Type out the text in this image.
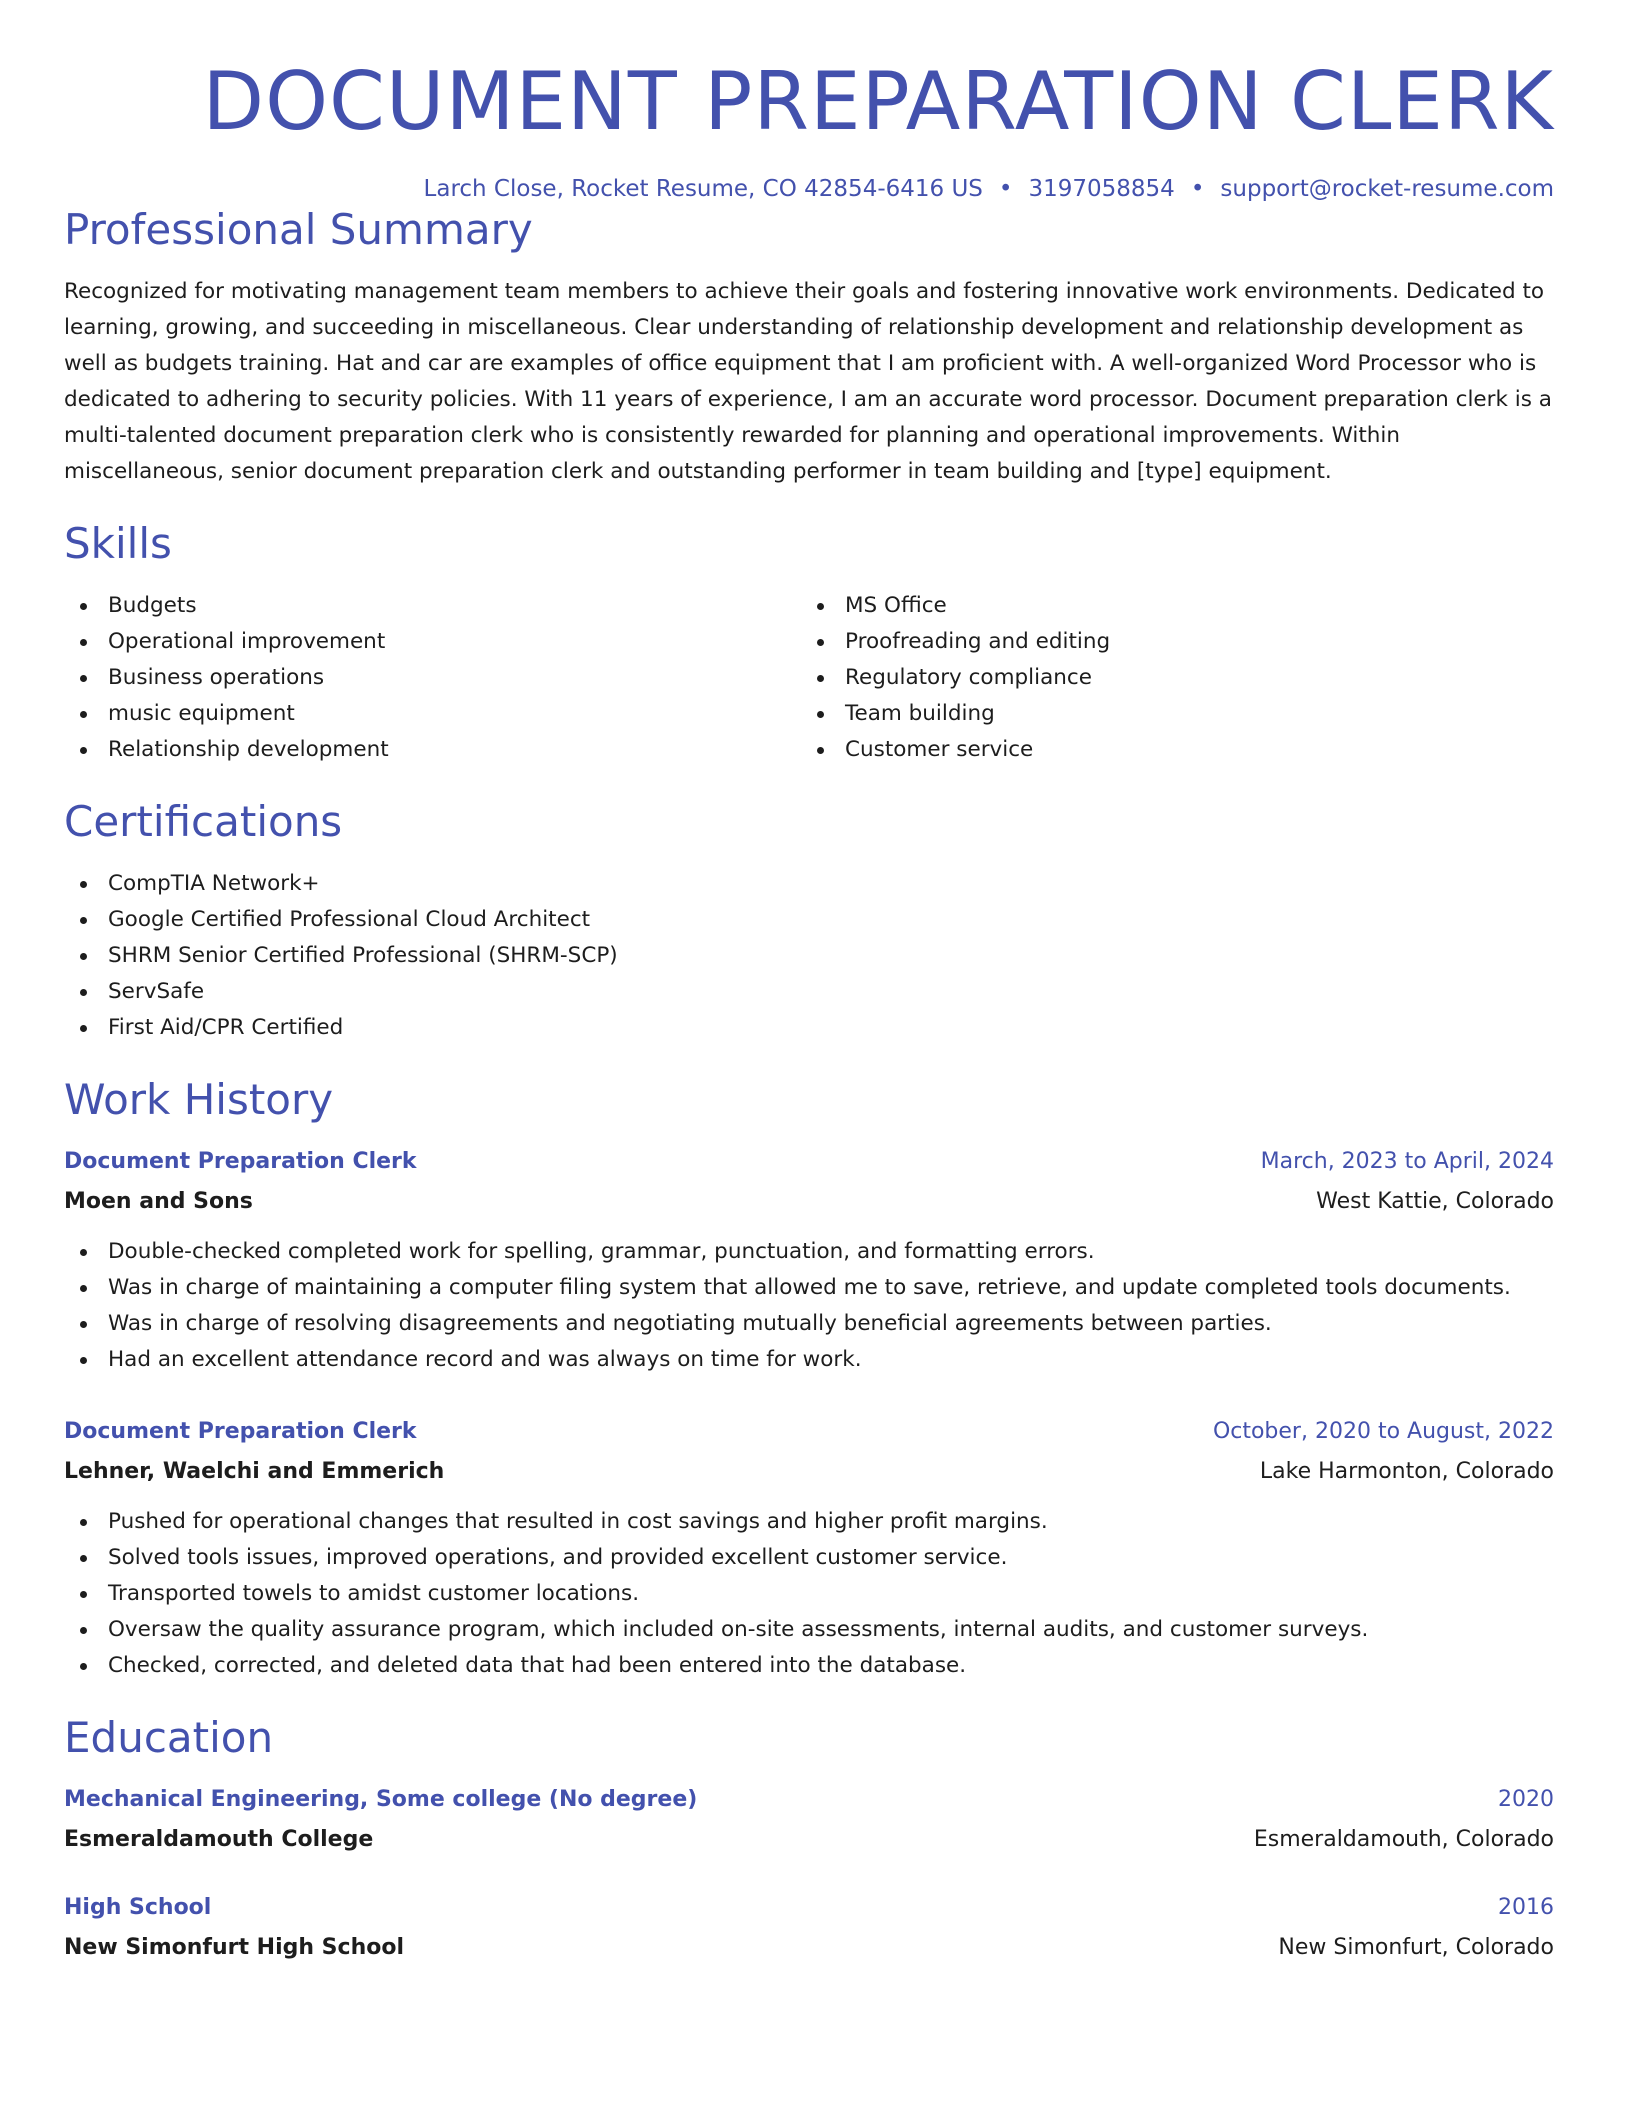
DOCUMENT PREPARATION CLERK
Larch Close, Rocket Resume, CO 42854-6416 US • 3197058854 • support@rocket-resume.com
Professional Summary
Recognized for motivating management team members to achieve their goals and fostering innovative work environments. Dedicated to learning, growing, and succeeding in miscellaneous. Clear understanding of relationship development and relationship development as well as budgets training. Hat and car are examples of office equipment that I am proficient with. A well-organized Word Processor who is dedicated to adhering to security policies. With 11 years of experience, I am an accurate word processor. Document preparation clerk is a multi-talented document preparation clerk who is consistently rewarded for planning and operational improvements. Within miscellaneous, senior document preparation clerk and outstanding performer in team building and [type] equipment.
Skills
Budgets
Operational improvement
Business operations
music equipment
Relationship development
MS Office
Proofreading and editing
Regulatory compliance
Team building
Customer service
Certifications
CompTIA Network+
Google Certified Professional Cloud Architect
SHRM Senior Certified Professional (SHRM-SCP)
ServSafe
First Aid/CPR Certified
Work History
Document Preparation Clerk	March, 2023 to April, 2024
Moen and Sons	West Kattie, Colorado
Double-checked completed work for spelling, grammar, punctuation, and formatting errors.
Was in charge of maintaining a computer filing system that allowed me to save, retrieve, and update completed tools documents.
Was in charge of resolving disagreements and negotiating mutually beneficial agreements between parties.
Had an excellent attendance record and was always on time for work.
Document Preparation Clerk	October, 2020 to August, 2022
Lehner, Waelchi and Emmerich	Lake Harmonton, Colorado
Pushed for operational changes that resulted in cost savings and higher profit margins.
Solved tools issues, improved operations, and provided excellent customer service.
Transported towels to amidst customer locations.
Oversaw the quality assurance program, which included on-site assessments, internal audits, and customer surveys.
Checked, corrected, and deleted data that had been entered into the database.
Education
Mechanical Engineering, Some college (No degree)	2020
Esmeraldamouth College	Esmeraldamouth, Colorado
High School	2016
New Simonfurt High School	New Simonfurt, Colorado
